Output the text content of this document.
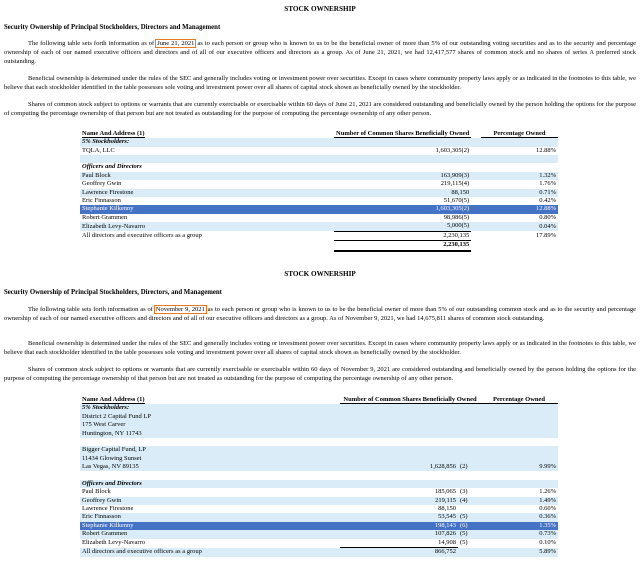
STOCK OWNERSHIP
Security Ownership of Principal Stockholders, Directors and Management
The following table sets forth information as of June 21, 2021 as to each person or group who is known to us to be the beneficial owner of more than 5% of our outstanding voting securities and as to the security and percentage ownership of each of our named executive officers and directors and of all of our executive officers and directors as a group. As of June 21, 2021, we had 12,417,577 shares of common stock and no shares of series A preferred stock outstanding.
Beneficial ownership is determined under the rules of the SEC and generally includes voting or investment power over securities. Except in cases where community property laws apply or as indicated in the footnotes to this table, we believe that each stockholder identified in the table possesses sole voting and investment power over all shares of capital stock shown as beneficially owned by the stockholder.
Shares of common stock subject to options or warrants that are currently exercisable or exercisable within 60 days of June 21, 2021 are considered outstanding and beneficially owned by the person holding the options for the purpose of computing the percentage ownership of that person but are not treated as outstanding for the purpose of computing the percentage ownership of any other person.
Name And Address (1)	Number of Common Shares Beneficially Owned		Percentage Owned
5% Stockholders:			
TQLA, LLC	1,603,305(2)		12.88%

Officers and Directors			
Paul Block	163,909(3)		1.32%
Geoffrey Gwin	219,115(4)		1.76%
Lawrence Firestone	88,150		0.71%
Eric Finnasson	51,670(5)		0.42%
Stephanie Kilkenny	1,603,305(2)		12.88%
Robert Grammen	98,986(5)		0.80%
Elizabeth Levy-Navarro	5,000(5)		0.04%
All directors and executive officers as a group	2,230,135		17.89%
	2,230,135		
STOCK OWNERSHIP
Security Ownership of Principal Stockholders, Directors, and Management
The following table sets forth information as of November 9, 2021 as to each person or group who is known to us to be the beneficial owner of more than 5% of our outstanding common stock and as to the security and percentage ownership of each of our named executive officers and directors and of all of our executive officers and directors as a group. As of November 9, 2021, we had 14,675,811 shares of common stock outstanding.
Beneficial ownership is determined under the rules of the SEC and generally includes voting or investment power over securities. Except in cases where community property laws apply or as indicated in the footnotes to this table, we believe that each stockholder identified in the table possesses sole voting and investment power over all shares of capital stock shown as beneficially owned by the stockholder.
Shares of common stock subject to options or warrants that are currently exercisable or exercisable within 60 days of November 9, 2021 are considered outstanding and beneficially owned by the person holding the options for the purpose of computing the percentage ownership of that person but are not treated as outstanding for the purpose of computing the percentage ownership of any other person.
Name And Address (1)	Number of Common Shares Beneficially Owned		Percentage Owned
5% Stockholders:			
District 2 Capital Fund LP			
175 West Carver			
Huntington, NY 11743			

Bigger Capital Fund, LP			
11434 Glowing Sunset			
Las Vegas, NV 89135	1,628,856	(2)	9.99%

Officers and Directors			
Paul Block	185,065	(3)	1.26%
Geoffrey Gwin	219,115	(4)	1.49%
Lawrence Firestone	88,150		0.60%
Eric Finnasson	53,545	(5)	0.36%
Stephanie Kilkenny	198,143	(6)	1.35%
Robert Grammen	107,826	(5)	0.73%
Elizabeth Levy-Navarro	14,908	(5)	0.10%
All directors and executive officers as a group	866,752		5.89%
